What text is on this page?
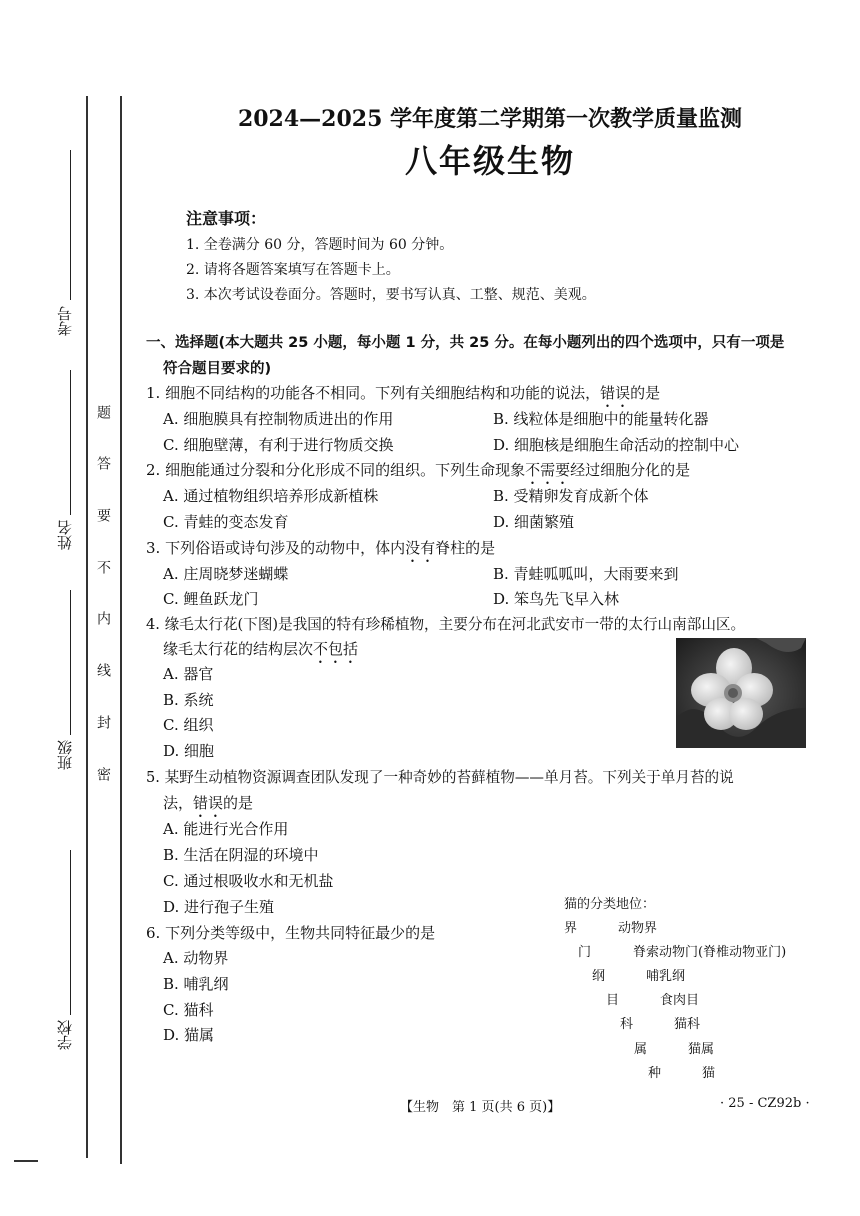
考号
姓名
班级
学校
题
答
要
不
内
线
封
密
2024—2025 学年度第二学期第一次教学质量监测
八年级生物
注意事项：
1. 全卷满分 60 分，答题时间为 60 分钟。
2. 请将各题答案填写在答题卡上。
3. 本次考试设卷面分。答题时，要书写认真、工整、规范、美观。
一、选择题(本大题共 25 小题，每小题 1 分，共 25 分。在每小题列出的四个选项中，只有一项是
符合题目要求的)
1. 细胞不同结构的功能各不相同。下列有关细胞结构和功能的说法，错误的是
A. 细胞膜具有控制物质进出的作用	B. 线粒体是细胞中的能量转化器
C. 细胞壁薄，有利于进行物质交换	D. 细胞核是细胞生命活动的控制中心
2. 细胞能通过分裂和分化形成不同的组织。下列生命现象不需要经过细胞分化的是
A. 通过植物组织培养形成新植株	B. 受精卵发育成新个体
C. 青蛙的变态发育	D. 细菌繁殖
3. 下列俗语或诗句涉及的动物中，体内没有脊柱的是
A. 庄周晓梦迷蝴蝶	B. 青蛙呱呱叫，大雨要来到
C. 鲤鱼跃龙门	D. 笨鸟先飞早入林
4. 缘毛太行花(下图)是我国的特有珍稀植物，主要分布在河北武安市一带的太行山南部山区。
缘毛太行花的结构层次不包括
A. 器官
B. 系统
C. 组织
D. 细胞
5. 某野生动植物资源调查团队发现了一种奇妙的苔藓植物——单月苔。下列关于单月苔的说
法，错误的是
A. 能进行光合作用
B. 生活在阴湿的环境中
C. 通过根吸收水和无机盐
D. 进行孢子生殖
6. 下列分类等级中，生物共同特征最少的是
A. 动物界
B. 哺乳纲
C. 猫科
D. 猫属
猫的分类地位：
界	动物界
门	脊索动物门(脊椎动物亚门)
纲	哺乳纲
目	食肉目
科	猫科
属	猫属
种	猫
【生物　第 1 页(共 6 页)】	· 25 - CZ92b ·
